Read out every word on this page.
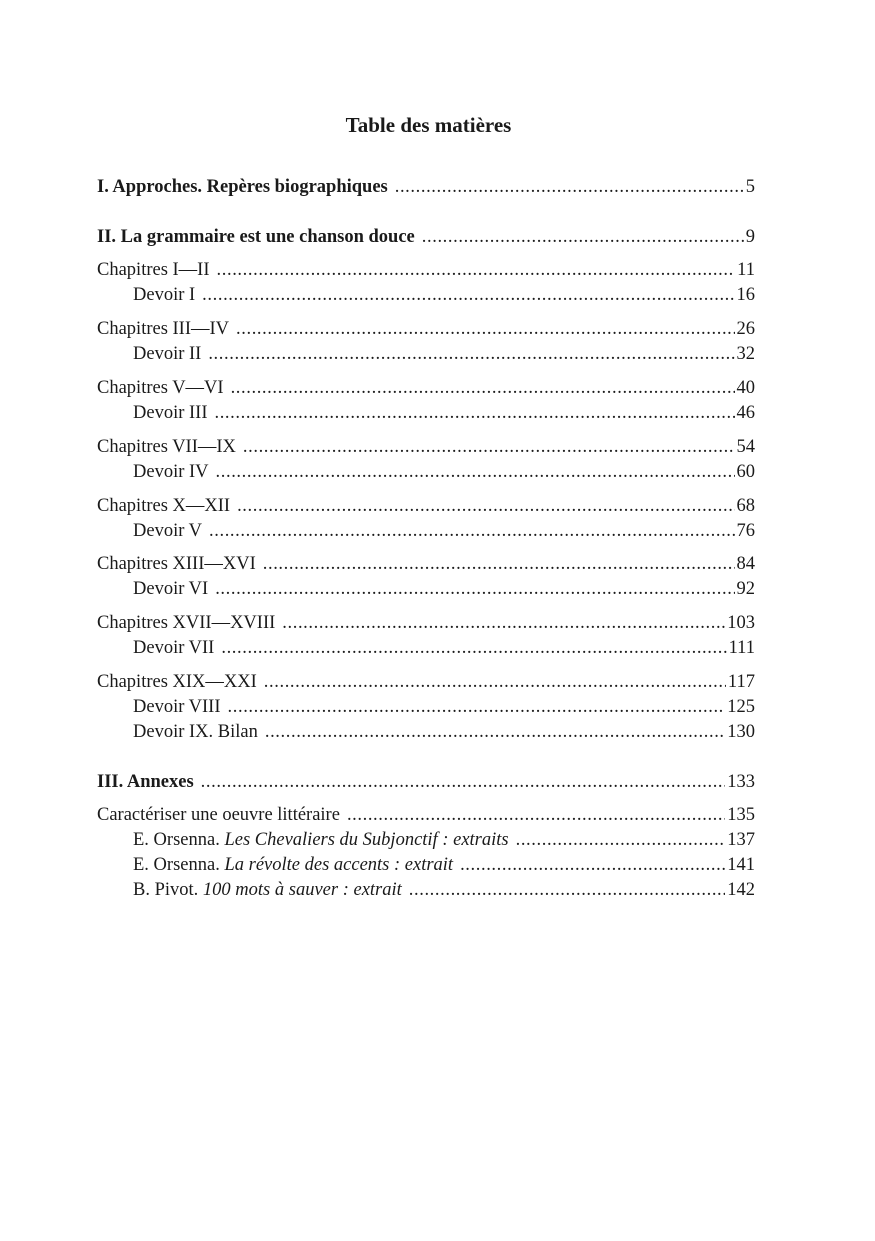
Table des matières
I. Approches. Repères biographiques .....	5
II. La grammaire est une chanson douce .....	9
Chapitres I—II .....	11
Devoir I .....	16
Chapitres III—IV .....	26
Devoir II .....	32
Chapitres V—VI .....	40
Devoir III .....	46
Chapitres VII—IX .....	54
Devoir IV .....	60
Chapitres X—XII .....	68
Devoir V .....	76
Chapitres XIII—XVI .....	84
Devoir VI .....	92
Chapitres XVII—XVIII .....	103
Devoir VII .....	111
Chapitres XIX—XXI .....	117
Devoir VIII .....	125
Devoir IX. Bilan .....	130
III. Annexes .....	133
Caractériser une oeuvre littéraire .....	135
E. Orsenna. Les Chevaliers du Subjonctif : extraits .....	137
E. Orsenna. La révolte des accents : extrait .....	141
B. Pivot. 100 mots à sauver : extrait .....	142
